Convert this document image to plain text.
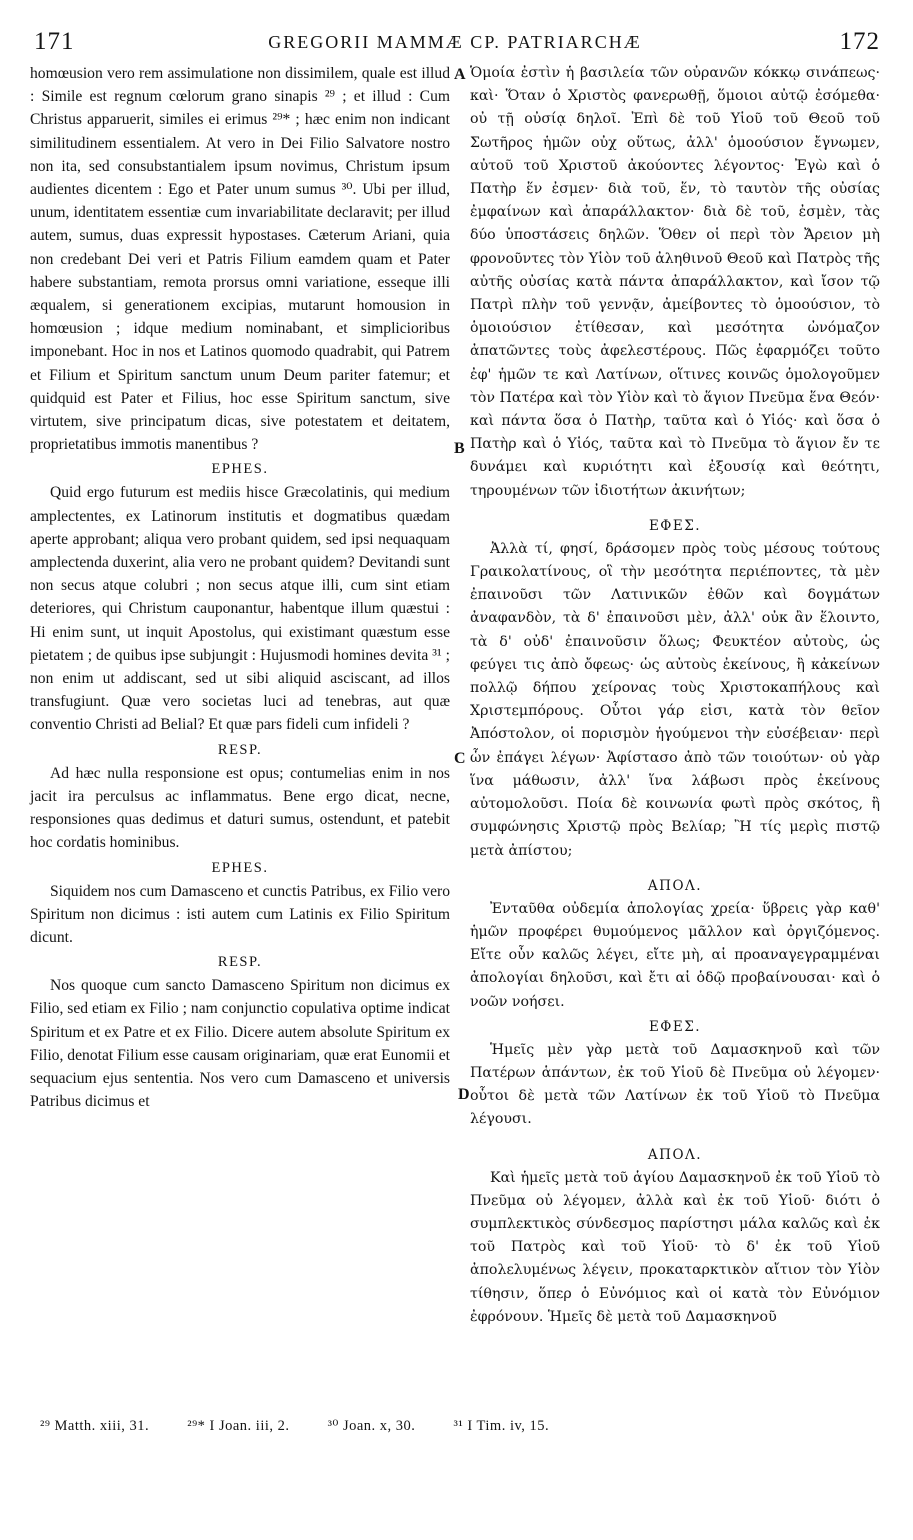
171	GREGORII MAMMÆ CP. PATRIARCHÆ	172
A
B
C
D

homœusion vero rem assimulatione non dissimilem, quale est illud : Simile est regnum cœlorum grano sinapis ²⁹ ; et illud : Cum Christus apparuerit, similes ei erimus ²⁹* ; hæc enim non indicant similitudinem essentialem. At vero in Dei Filio Salvatore nostro non ita, sed consubstantialem ipsum novimus, Christum ipsum audientes dicentem : Ego et Pater unum sumus ³⁰. Ubi per illud, unum, identitatem essentiæ cum invariabilitate declaravit; per illud autem, sumus, duas expressit hypostases. Cæterum Ariani, quia non credebant Dei veri et Patris Filium eamdem quam et Pater habere substantiam, remota prorsus omni variatione, esseque illi æqualem, si generationem excipias, mutarunt homousion in homœusion ; idque medium nominabant, et simplicioribus imponebant. Hoc in nos et Latinos quomodo quadrabit, qui Patrem et Filium et Spiritum sanctum unum Deum pariter fatemur; et quidquid est Pater et Filius, hoc esse Spiritum sanctum, sive virtutem, sive principatum dicas, sive potestatem et deitatem, proprietatibus immotis manentibus ?

EPHES.

Quid ergo futurum est mediis hisce Græcolatinis, qui medium amplectentes, ex Latinorum institutis et dogmatibus quædam aperte approbant; aliqua vero probant quidem, sed ipsi nequaquam amplectenda duxerint, alia vero ne probant quidem? Devitandi sunt non secus atque colubri ; non secus atque illi, cum sint etiam deteriores, qui Christum cauponantur, habentque illum quæstui : Hi enim sunt, ut inquit Apostolus, qui existimant quæstum esse pietatem ; de quibus ipse subjungit : Hujusmodi homines devita ³¹ ; non enim ut addiscant, sed ut sibi aliquid asciscant, ad illos transfugiunt. Quæ vero societas luci ad tenebras, aut quæ conventio Christi ad Belial? Et quæ pars fideli cum infideli ?

RESP.

Ad hæc nulla responsione est opus; contumelias enim in nos jacit ira perculsus ac inflammatus. Bene ergo dicat, necne, responsiones quas dedimus et daturi sumus, ostendunt, et patebit hoc cordatis hominibus.

EPHES.

Siquidem nos cum Damasceno et cunctis Patribus, ex Filio vero Spiritum non dicimus : isti autem cum Latinis ex Filio Spiritum dicunt.

RESP.

Nos quoque cum sancto Damasceno Spiritum non dicimus ex Filio, sed etiam ex Filio ; nam conjunctio copulativa optime indicat Spiritum et ex Patre et ex Filio. Dicere autem absolute Spiritum ex Filio, denotat Filium esse causam originariam, quæ erat Eunomii et sequacium ejus sententia. Nos vero cum Damasceno et universis Patribus dicimus et

Ὁμοία ἐστὶν ἡ βασιλεία τῶν οὐρανῶν κόκκῳ σινάπεως· καὶ· Ὅταν ὁ Χριστὸς φανερωθῇ, ὅμοιοι αὐτῷ ἐσόμεθα· οὐ τῇ οὐσίᾳ δηλοῖ. Ἐπὶ δὲ τοῦ Υἱοῦ τοῦ Θεοῦ τοῦ Σωτῆρος ἡμῶν οὐχ οὕτως, ἀλλ' ὁμοούσιον ἔγνωμεν, αὐτοῦ τοῦ Χριστοῦ ἀκούοντες λέγοντος· Ἐγὼ καὶ ὁ Πατὴρ ἕν ἐσμεν· διὰ τοῦ, ἕν, τὸ ταυτὸν τῆς οὐσίας ἐμφαίνων καὶ ἀπαράλλακτον· διὰ δὲ τοῦ, ἐσμὲν, τὰς δύο ὑποστάσεις δηλῶν. Ὅθεν οἱ περὶ τὸν Ἄρειον μὴ φρονοῦντες τὸν Υἱὸν τοῦ ἀληθινοῦ Θεοῦ καὶ Πατρὸς τῆς αὐτῆς οὐσίας κατὰ πάντα ἀπαράλλακτον, καὶ ἴσον τῷ Πατρὶ πλὴν τοῦ γεννᾷν, ἀμείβοντες τὸ ὁμοούσιον, τὸ ὁμοιούσιον ἐτίθεσαν, καὶ μεσότητα ὠνόμαζον ἀπατῶντες τοὺς ἀφελεστέρους. Πῶς ἐφαρμόζει τοῦτο ἐφ' ἡμῶν τε καὶ Λατίνων, οἵτινες κοινῶς ὁμολογοῦμεν τὸν Πατέρα καὶ τὸν Υἱὸν καὶ τὸ ἅγιον Πνεῦμα ἕνα Θεόν· καὶ πάντα ὅσα ὁ Πατὴρ, ταῦτα καὶ ὁ Υἱός· καὶ ὅσα ὁ Πατὴρ καὶ ὁ Υἱός, ταῦτα καὶ τὸ Πνεῦμα τὸ ἅγιον ἔν τε δυνάμει καὶ κυριότητι καὶ ἐξουσίᾳ καὶ θεότητι, τηρουμένων τῶν ἰδιοτήτων ἀκινήτων;

ΕΦΕΣ.

Ἀλλὰ τί, φησί, δράσομεν πρὸς τοὺς μέσους τούτους Γραικολατίνους, οἳ τὴν μεσότητα περιέποντες, τὰ μὲν ἐπαινοῦσι τῶν Λατινικῶν ἐθῶν καὶ δογμάτων ἀναφανδὸν, τὰ δ' ἐπαινοῦσι μὲν, ἀλλ' οὐκ ἂν ἕλοιντο, τὰ δ' οὐδ' ἐπαινοῦσιν ὅλως; Φευκτέον αὐτοὺς, ὡς φεύγει τις ἀπὸ ὄφεως· ὡς αὐτοὺς ἐκείνους, ἢ κἀκείνων πολλῷ δήπου χείρονας τοὺς Χριστοκαπήλους καὶ Χριστεμπόρους. Οὗτοι γάρ εἰσι, κατὰ τὸν θεῖον Ἀπόστολον, οἱ πορισμὸν ἡγούμενοι τὴν εὐσέβειαν· περὶ ὧν ἐπάγει λέγων· Ἀφίστασο ἀπὸ τῶν τοιούτων· οὐ γὰρ ἵνα μάθωσιν, ἀλλ' ἵνα λάβωσι πρὸς ἐκείνους αὐτομολοῦσι. Ποία δὲ κοινωνία φωτὶ πρὸς σκότος, ἢ συμφώνησις Χριστῷ πρὸς Βελίαρ; Ἢ τίς μερὶς πιστῷ μετὰ ἀπίστου;

ΑΠΟΛ.

Ἐνταῦθα οὐδεμία ἀπολογίας χρεία· ὕβρεις γὰρ καθ' ἡμῶν προφέρει θυμούμενος μᾶλλον καὶ ὀργιζόμενος. Εἴτε οὖν καλῶς λέγει, εἴτε μὴ, αἱ προαναγεγραμμέναι ἀπολογίαι δηλοῦσι, καὶ ἔτι αἱ ὁδῷ προβαίνουσαι· καὶ ὁ νοῶν νοήσει.

ΕΦΕΣ.

Ἡμεῖς μὲν γὰρ μετὰ τοῦ Δαμασκηνοῦ καὶ τῶν Πατέρων ἁπάντων, ἐκ τοῦ Υἱοῦ δὲ Πνεῦμα οὐ λέγομεν· οὗτοι δὲ μετὰ τῶν Λατίνων ἐκ τοῦ Υἱοῦ τὸ Πνεῦμα λέγουσι.

ΑΠΟΛ.

Καὶ ἡμεῖς μετὰ τοῦ ἁγίου Δαμασκηνοῦ ἐκ τοῦ Υἱοῦ τὸ Πνεῦμα οὐ λέγομεν, ἀλλὰ καὶ ἐκ τοῦ Υἱοῦ· διότι ὁ συμπλεκτικὸς σύνδεσμος παρίστησι μάλα καλῶς καὶ ἐκ τοῦ Πατρὸς καὶ τοῦ Υἱοῦ· τὸ δ' ἐκ τοῦ Υἱοῦ ἀπολελυμένως λέγειν, προκαταρκτικὸν αἴτιον τὸν Υἱὸν τίθησιν, ὅπερ ὁ Εὐνόμιος καὶ οἱ κατὰ τὸν Εὐνόμιον ἐφρόνουν. Ἡμεῖς δὲ μετὰ τοῦ Δαμασκηνοῦ

²⁹ Matth. xiii, 31.	²⁹* I Joan. iii, 2.	³⁰ Joan. x, 30.	³¹ I Tim. iv, 15.
